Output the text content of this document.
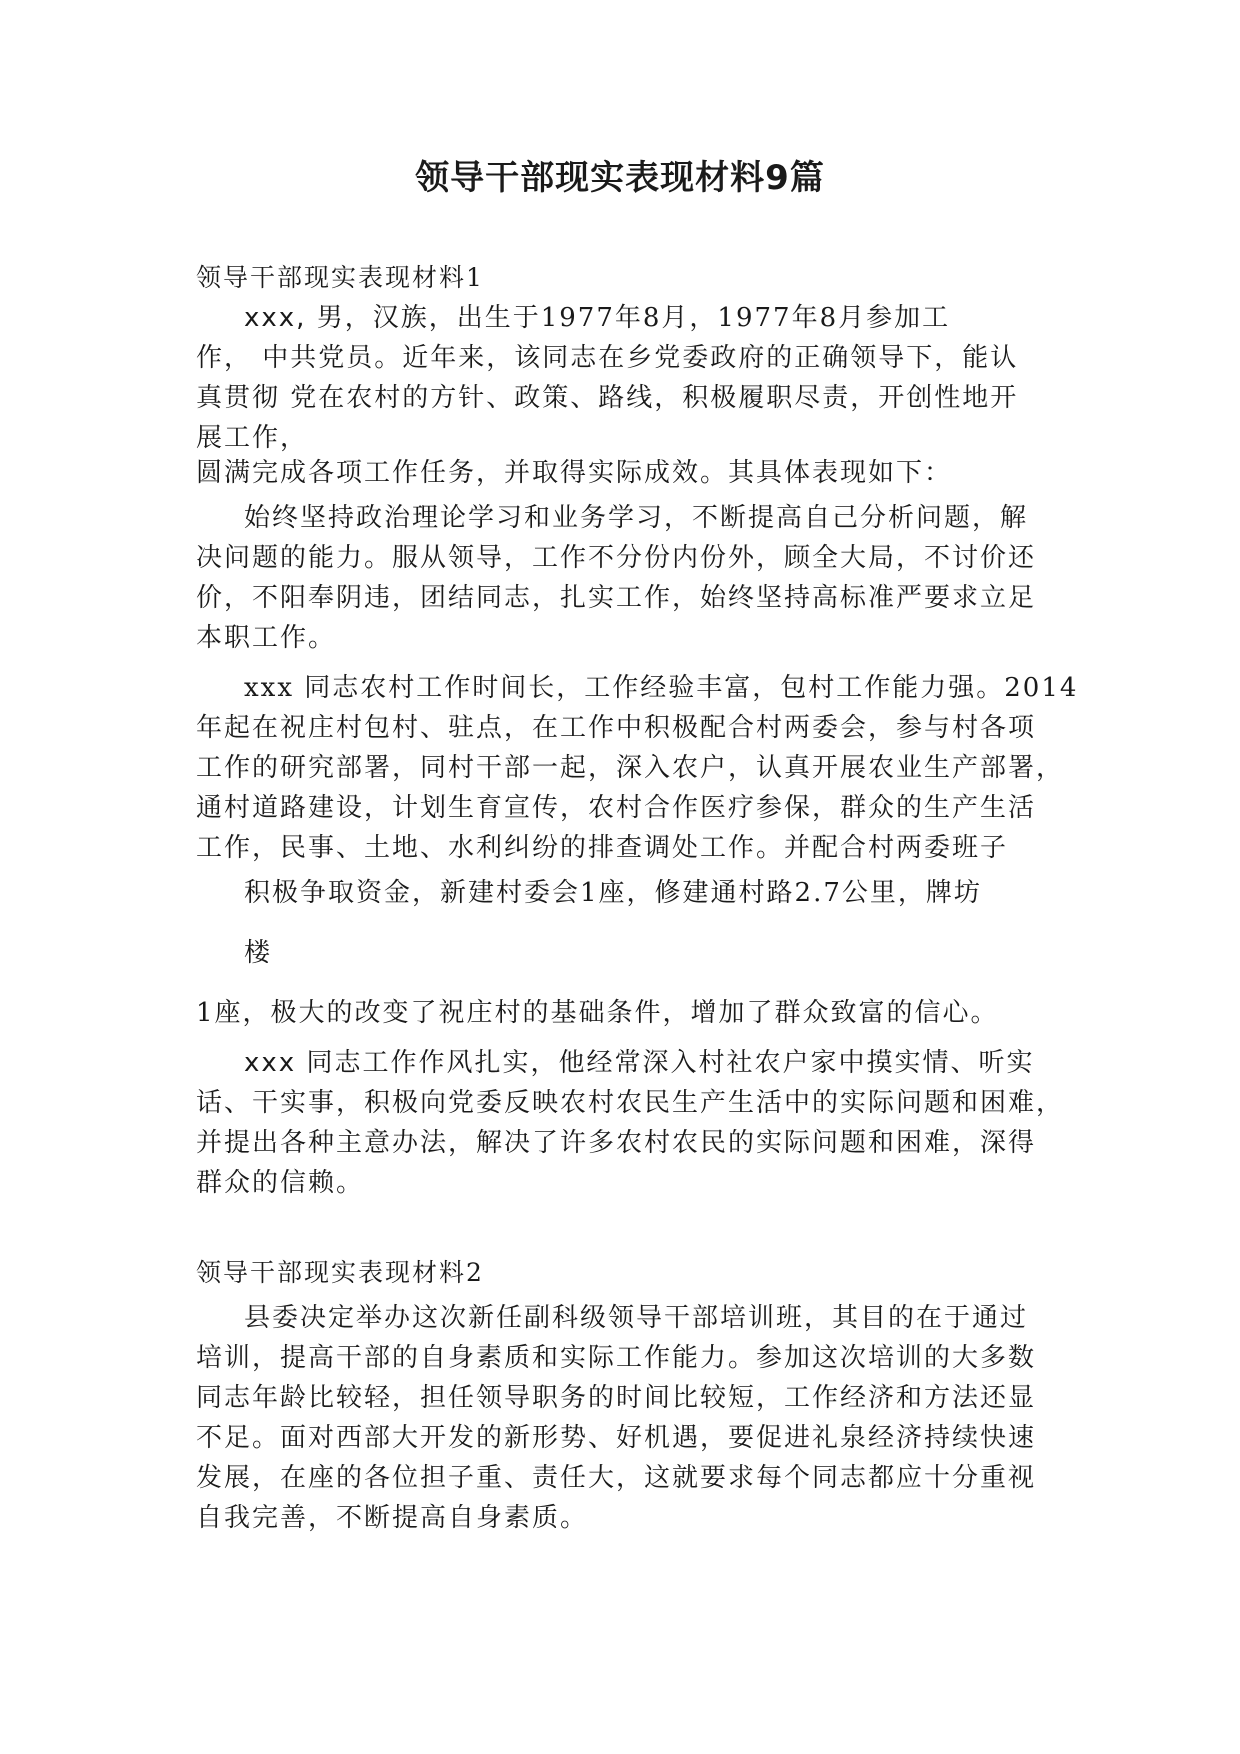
领导干部现实表现材料9篇
领导干部现实表现材料1
xxx, 男，汉族，出生于1977年8月，1977年8月参加工
作， 中共党员。近年来，该同志在乡党委政府的正确领导下，能认
真贯彻 党在农村的方针、政策、路线，积极履职尽责，开创性地开
展工作，
圆满完成各项工作任务，并取得实际成效。其具体表现如下：
始终坚持政治理论学习和业务学习，不断提高自己分析问题，解
决问题的能力。服从领导，工作不分份内份外，顾全大局，不讨价还
价，不阳奉阴违，团结同志，扎实工作，始终坚持高标准严要求立足
本职工作。
xxx 同志农村工作时间长，工作经验丰富，包村工作能力强。2014
年起在祝庄村包村、驻点，在工作中积极配合村两委会，参与村各项
工作的研究部署，同村干部一起，深入农户，认真开展农业生产部署，
通村道路建设，计划生育宣传，农村合作医疗参保，群众的生产生活
工作，民事、土地、水利纠纷的排查调处工作。并配合村两委班子
积极争取资金，新建村委会1座，修建通村路2.7公里，牌坊
楼
1座，极大的改变了祝庄村的基础条件，增加了群众致富的信心。
xxx 同志工作作风扎实，他经常深入村社农户家中摸实情、听实
话、干实事，积极向党委反映农村农民生产生活中的实际问题和困难，
并提出各种主意办法，解决了许多农村农民的实际问题和困难，深得
群众的信赖。
领导干部现实表现材料2
县委决定举办这次新任副科级领导干部培训班，其目的在于通过
培训，提高干部的自身素质和实际工作能力。参加这次培训的大多数
同志年龄比较轻，担任领导职务的时间比较短，工作经济和方法还显
不足。面对西部大开发的新形势、好机遇，要促进礼泉经济持续快速
发展，在座的各位担子重、责任大，这就要求每个同志都应十分重视
自我完善，不断提高自身素质。
